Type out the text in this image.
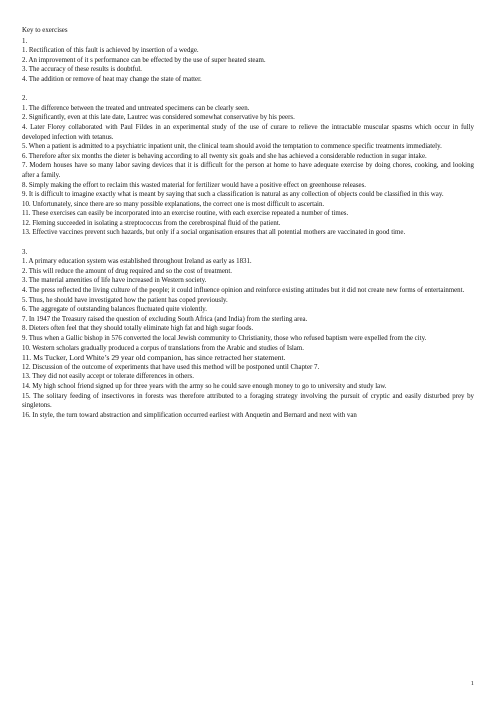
Key to exercises
1.
1. Rectification of this fault is achieved by insertion of a wedge.
2. An improvement of it s performance can be effected by the use of super heated steam.
3. The accuracy of these results is doubtful.
4. The addition or remove of heat may change the state of matter.
2.
1. The difference between the treated and untreated specimens can be clearly seen.
2. Significantly, even at this late date, Lautrec was considered somewhat conservative by his peers.
4. Later Florey collaborated with Paul Fildes in an experimental study of the use of curare to relieve the intractable muscular spasms which occur in fully developed infection with tetanus.
5. When a patient is admitted to a psychiatric inpatient unit, the clinical team should avoid the temptation to commence specific treatments immediately.
6. Therefore after six months the dieter is behaving according to all twenty six goals and she has achieved a considerable reduction in sugar intake.
7. Modern houses have so many labor saving devices that it is difficult for the person at home to have adequate exercise by doing chores, cooking, and looking after a family.
8. Simply making the effort to reclaim this wasted material for fertilizer would have a positive effect on greenhouse releases.
9. It is difficult to imagine exactly what is meant by saying that such a classification is natural as any collection of objects could be classified in this way.
10. Unfortunately, since there are so many possible explanations, the correct one is most difficult to ascertain.
11. These exercises can easily be incorporated into an exercise routine, with each exercise repeated a number of times.
12. Fleming succeeded in isolating a streptococcus from the cerebrospinal fluid of the patient.
13. Effective vaccines prevent such hazards, but only if a social organisation ensures that all potential mothers are vaccinated in good time.
3.
1. A primary education system was established throughout Ireland as early as 1831.
2. This will reduce the amount of drug required and so the cost of treatment.
3. The material amenities of life have increased in Western society.
4. The press reflected the living culture of the people; it could influence opinion and reinforce existing attitudes but it did not create new forms of entertainment.
5. Thus, he should have investigated how the patient has coped previously.
6. The aggregate of outstanding balances fluctuated quite violently.
7. In 1947 the Treasury raised the question of excluding South Africa (and India) from the sterling area.
8. Dieters often feel that they should totally eliminate high fat and high sugar foods.
9. Thus when a Gallic bishop in 576 converted the local Jewish community to Christianity, those who refused baptism were expelled from the city.
10. Western scholars gradually produced a corpus of translations from the Arabic and studies of Islam.
11. Ms Tucker, Lord White’s 29 year old companion, has since retracted her statement.
12. Discussion of the outcome of experiments that have used this method will be postponed until Chapter 7.
13. They did not easily accept or tolerate differences in others.
14. My high school friend signed up for three years with the army so he could save enough money to go to university and study law.
15. The solitary feeding of insectivores in forests was therefore attributed to a foraging strategy involving the pursuit of cryptic and easily disturbed prey by singletons.
16. In style, the turn toward abstraction and simplification occurred earliest with Anquetin and Bernard and next with van
1
